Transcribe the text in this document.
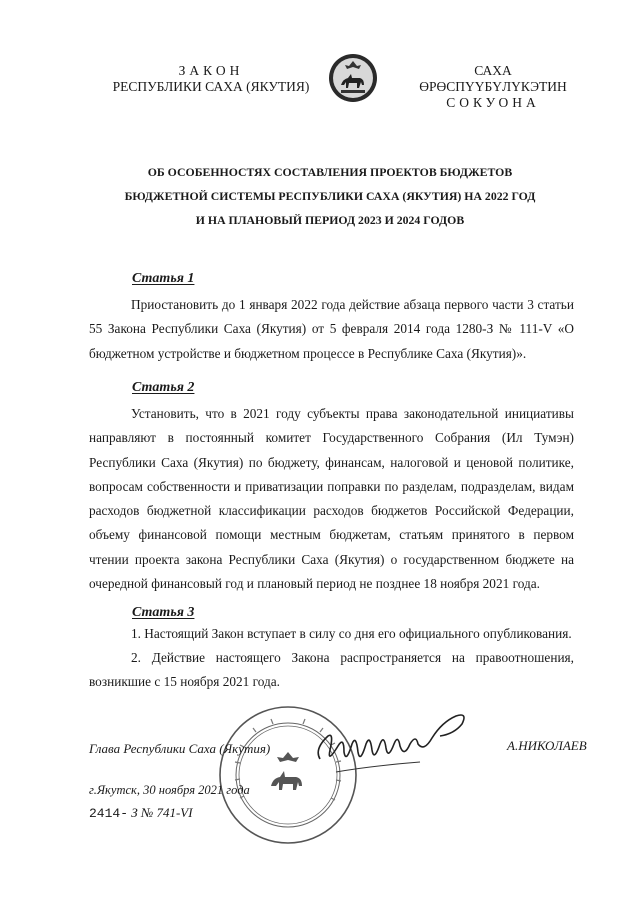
ЗАКОН
РЕСПУБЛИКИ САХА (ЯКУТИЯ)
САХА ӨРӨСПҮҮБҮЛҮКЭТИН
СОКУОНА
ОБ ОСОБЕННОСТЯХ СОСТАВЛЕНИЯ ПРОЕКТОВ БЮДЖЕТОВ
БЮДЖЕТНОЙ СИСТЕМЫ РЕСПУБЛИКИ САХА (ЯКУТИЯ) НА 2022 ГОД
И НА ПЛАНОВЫЙ ПЕРИОД 2023 И 2024 ГОДОВ
Статья 1
Приостановить до 1 января 2022 года действие абзаца первого части 3 статьи 55 Закона Республики Саха (Якутия) от 5 февраля 2014 года 1280-З № 111-V «О бюджетном устройстве и бюджетном процессе в Республике Саха (Якутия)».
Статья 2
Установить, что в 2021 году субъекты права законодательной инициативы направляют в постоянный комитет Государственного Собрания (Ил Тумэн) Республики Саха (Якутия) по бюджету, финансам, налоговой и ценовой политике, вопросам собственности и приватизации поправки по разделам, подразделам, видам расходов бюджетной классификации расходов бюджетов Российской Федерации, объему финансовой помощи местным бюджетам, статьям принятого в первом чтении проекта закона Республики Саха (Якутия) о государственном бюджете на очередной финансовый год и плановый период не позднее 18 ноября 2021 года.
Статья 3
1. Настоящий Закон вступает в силу со дня его официального опубликования.
2. Действие настоящего Закона распространяется на правоотношения, возникшие с 15 ноября 2021 года.
Глава Республики Саха (Якутия)	А.НИКОЛАЕВ
г.Якутск, 30 ноября 2021 года
2414- З № 741-VI
